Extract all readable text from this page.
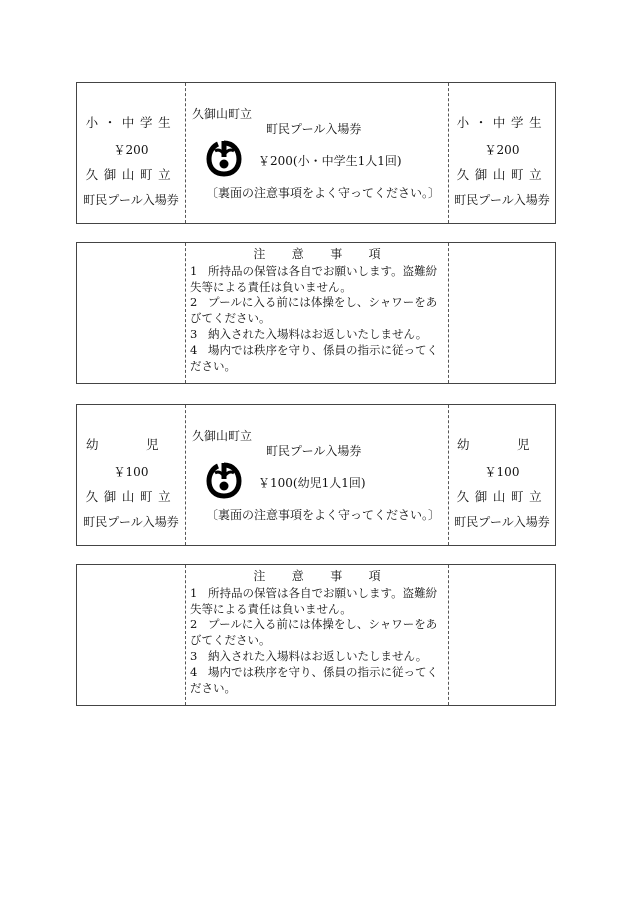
小・中学生
￥200
久御山町立
町民プール入場券
久御山町立
町民プール入場券
￥200(小・中学生1人1回)
〔裏面の注意事項をよく守ってください。〕
小・中学生
￥200
久御山町立
町民プール入場券
注意事項
1 所持品の保管は各自でお願いします。盗難紛失等による責任は負いません。
2 プールに入る前には体操をし、シャワーをあびてください。
3 納入された入場料はお返しいたしません。
4 場内では秩序を守り、係員の指示に従ってください。
幼　児
￥100
久御山町立
町民プール入場券
久御山町立
町民プール入場券
￥100(幼児1人1回)
〔裏面の注意事項をよく守ってください。〕
幼　児
￥100
久御山町立
町民プール入場券
注意事項
1 所持品の保管は各自でお願いします。盗難紛失等による責任は負いません。
2 プールに入る前には体操をし、シャワーをあびてください。
3 納入された入場料はお返しいたしません。
4 場内では秩序を守り、係員の指示に従ってください。
